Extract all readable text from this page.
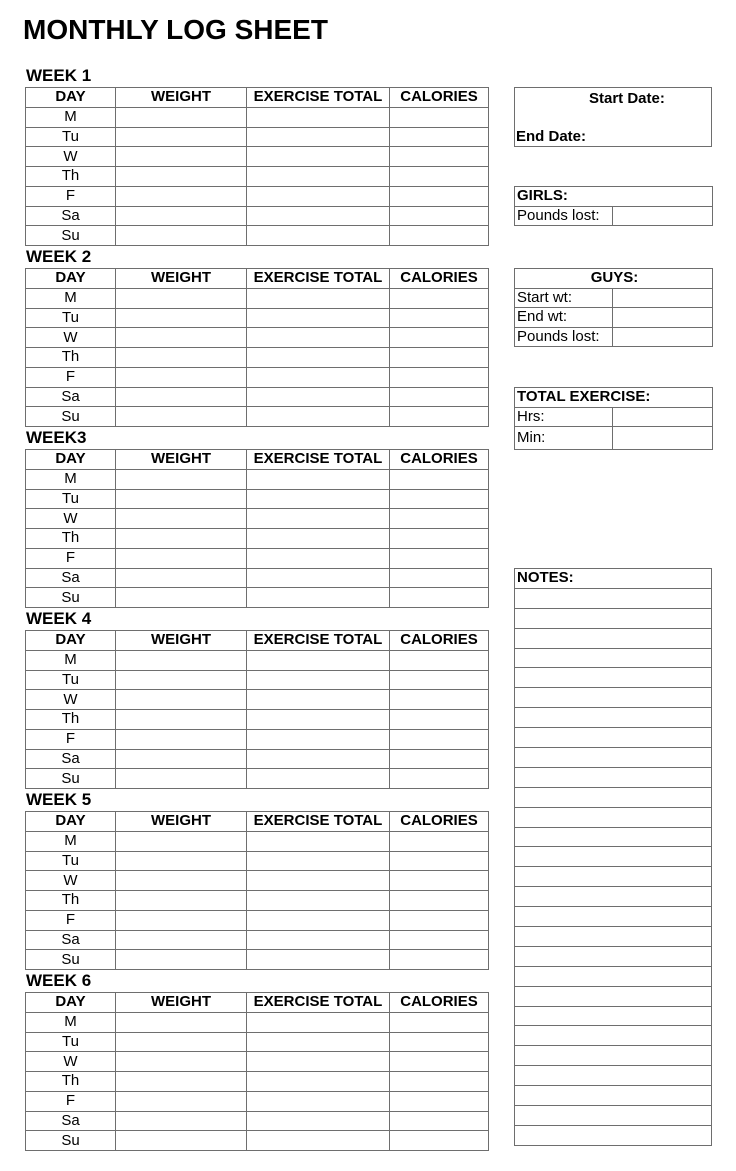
MONTHLY LOG SHEET
WEEK 1
DAY	WEIGHT	EXERCISE TOTAL	CALORIES
M			
Tu			
W			
Th			
F			
Sa			
Su			
WEEK 2
DAY	WEIGHT	EXERCISE TOTAL	CALORIES
M			
Tu			
W			
Th			
F			
Sa			
Su			
WEEK3
DAY	WEIGHT	EXERCISE TOTAL	CALORIES
M			
Tu			
W			
Th			
F			
Sa			
Su			
WEEK 4
DAY	WEIGHT	EXERCISE TOTAL	CALORIES
M			
Tu			
W			
Th			
F			
Sa			
Su			
WEEK 5
DAY	WEIGHT	EXERCISE TOTAL	CALORIES
M			
Tu			
W			
Th			
F			
Sa			
Su			
WEEK 6
DAY	WEIGHT	EXERCISE TOTAL	CALORIES
M			
Tu			
W			
Th			
F			
Sa			
Su			
Start Date:
End Date:
GIRLS:
Pounds lost:	
GUYS:	
Start wt:	
End wt:	
Pounds lost:	
TOTAL EXERCISE:	
Hrs:	
Min:	
NOTES:
